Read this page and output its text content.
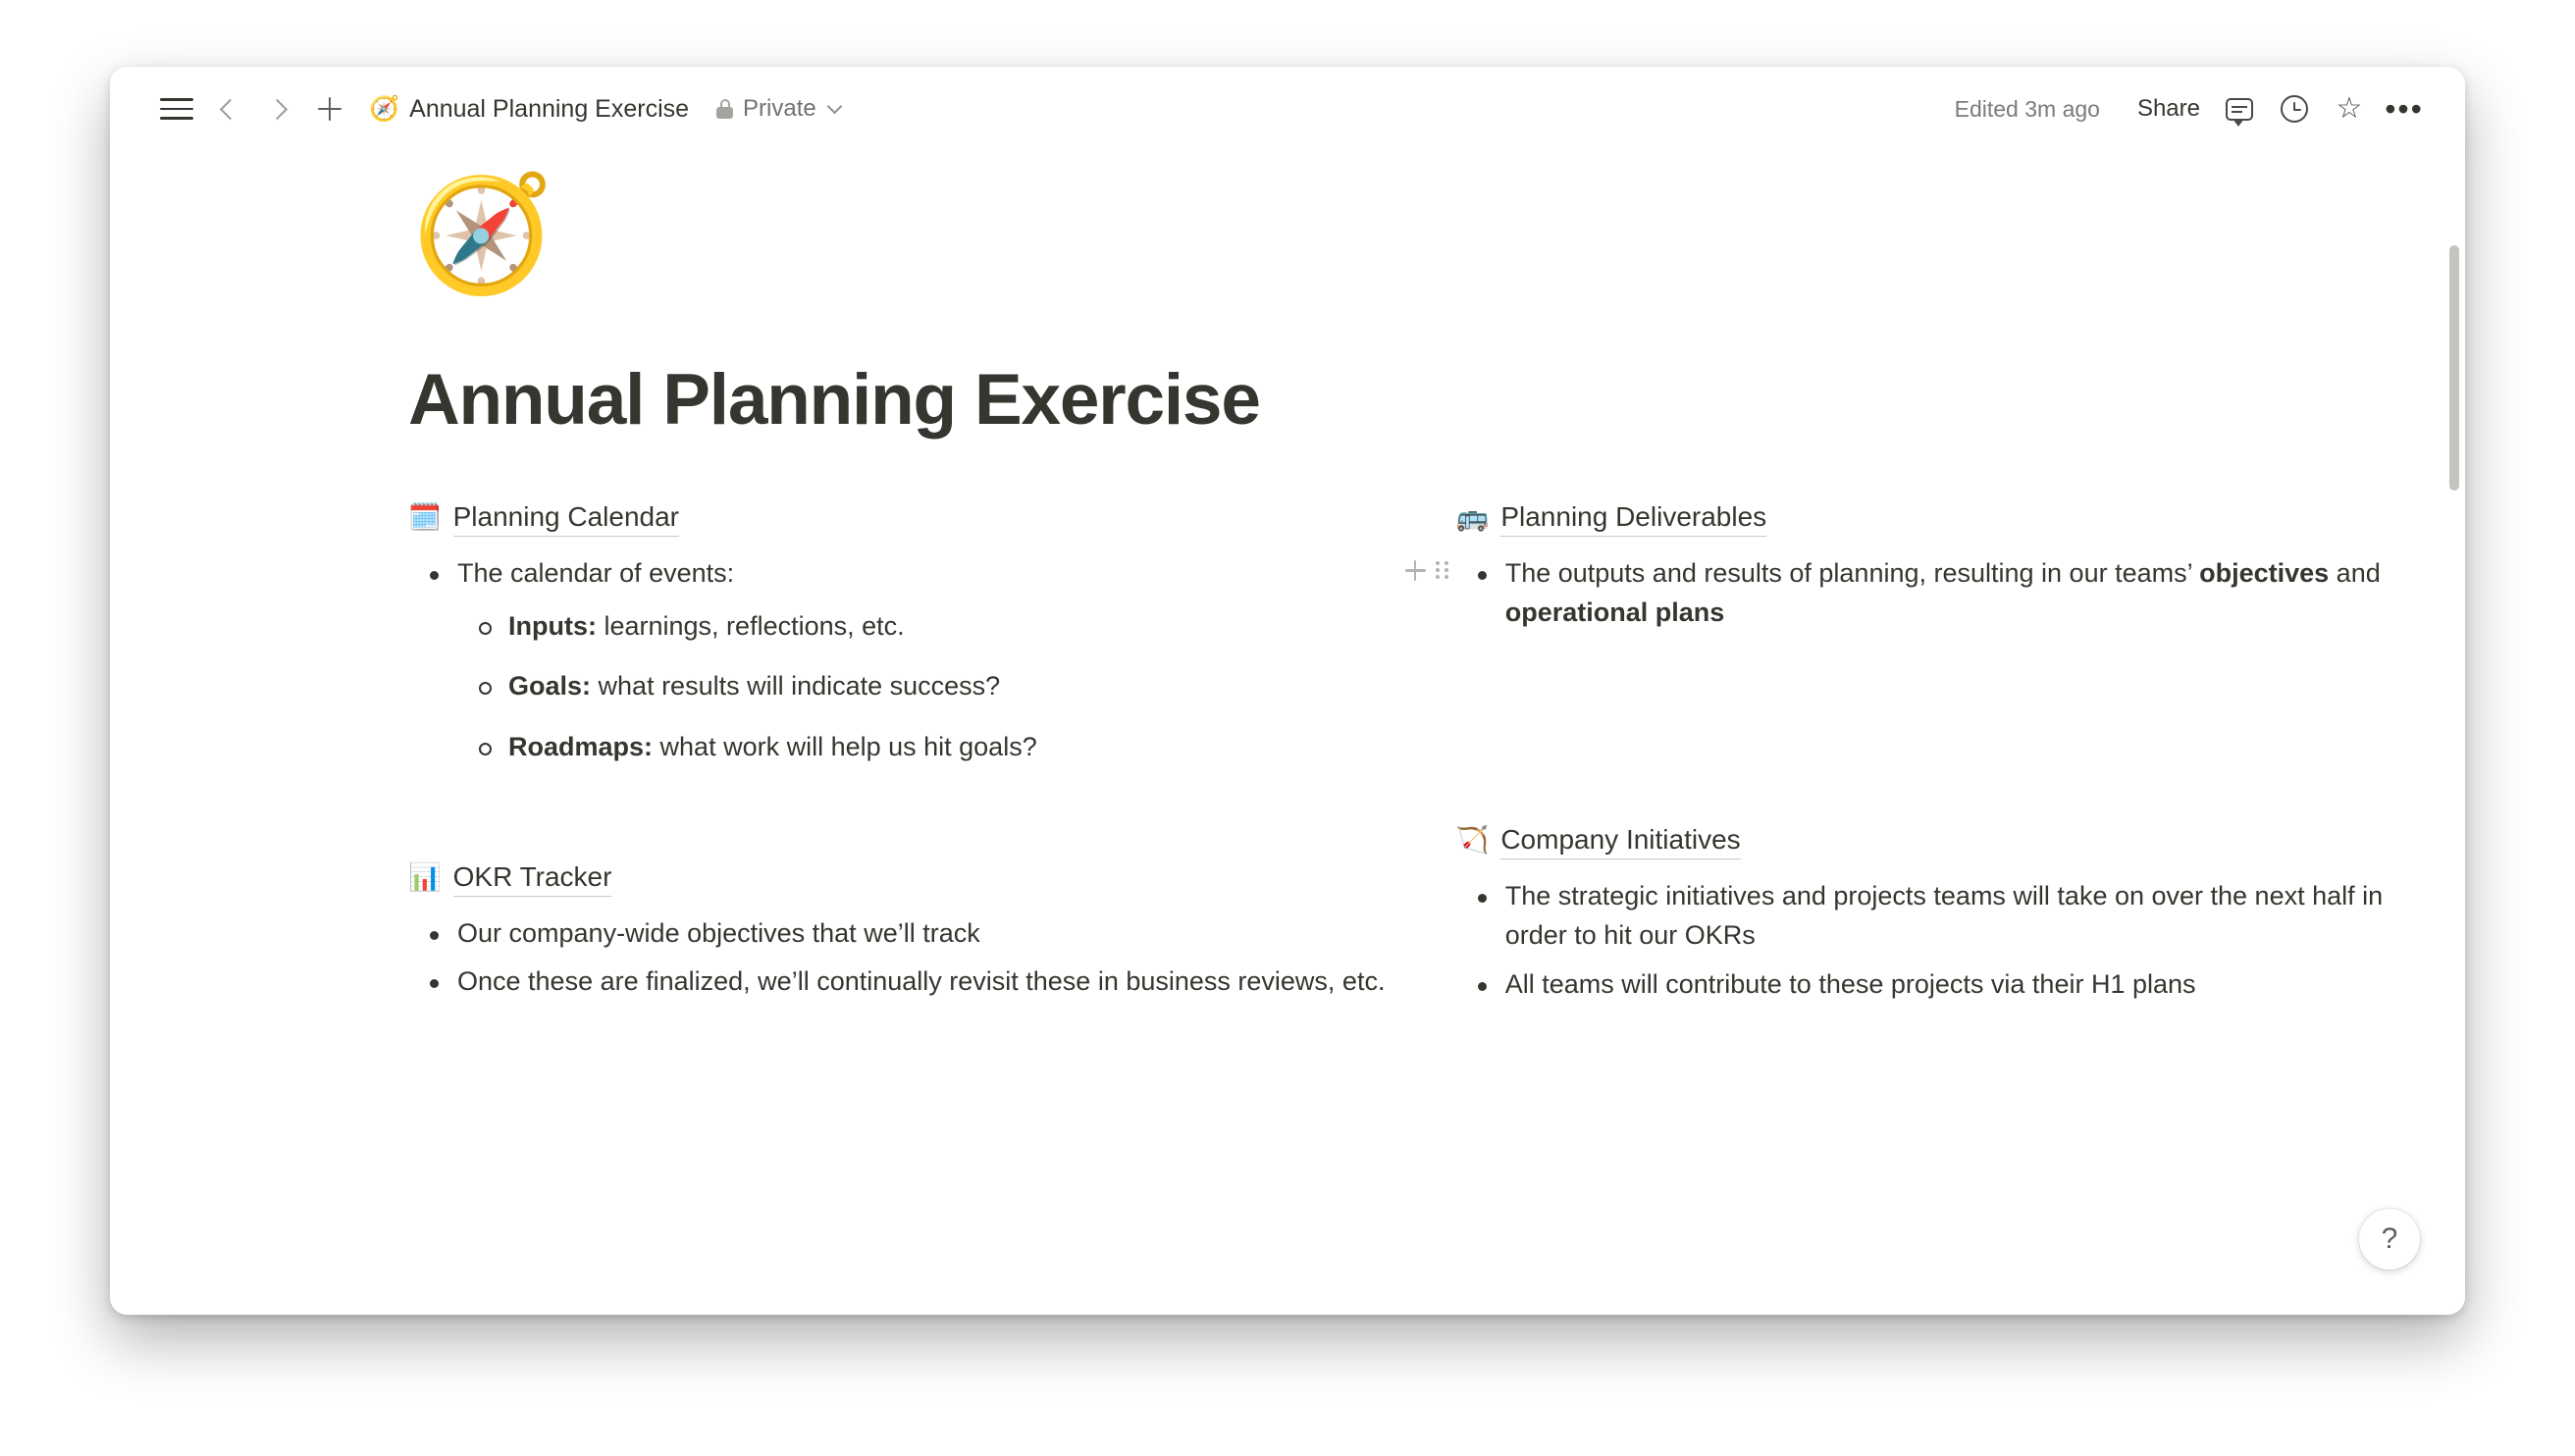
🧭 Annual Planning Exercise Private	Edited 3m ago	Share	☆ •••
🧭
Annual Planning Exercise
🗓️ Planning Calendar
The calendar of events:
Inputs: learnings, reflections, etc.
Goals: what results will indicate success?
Roadmaps: what work will help us hit goals?
📊 OKR Tracker
Our company-wide objectives that we’ll track
Once these are finalized, we’ll continually revisit these in business reviews, etc.
🚌 Planning Deliverables
The outputs and results of planning, resulting in our teams’ objectives and operational plans
🏹 Company Initiatives
The strategic initiatives and projects teams will take on over the next half in order to hit our OKRs
All teams will contribute to these projects via their H1 plans
?
